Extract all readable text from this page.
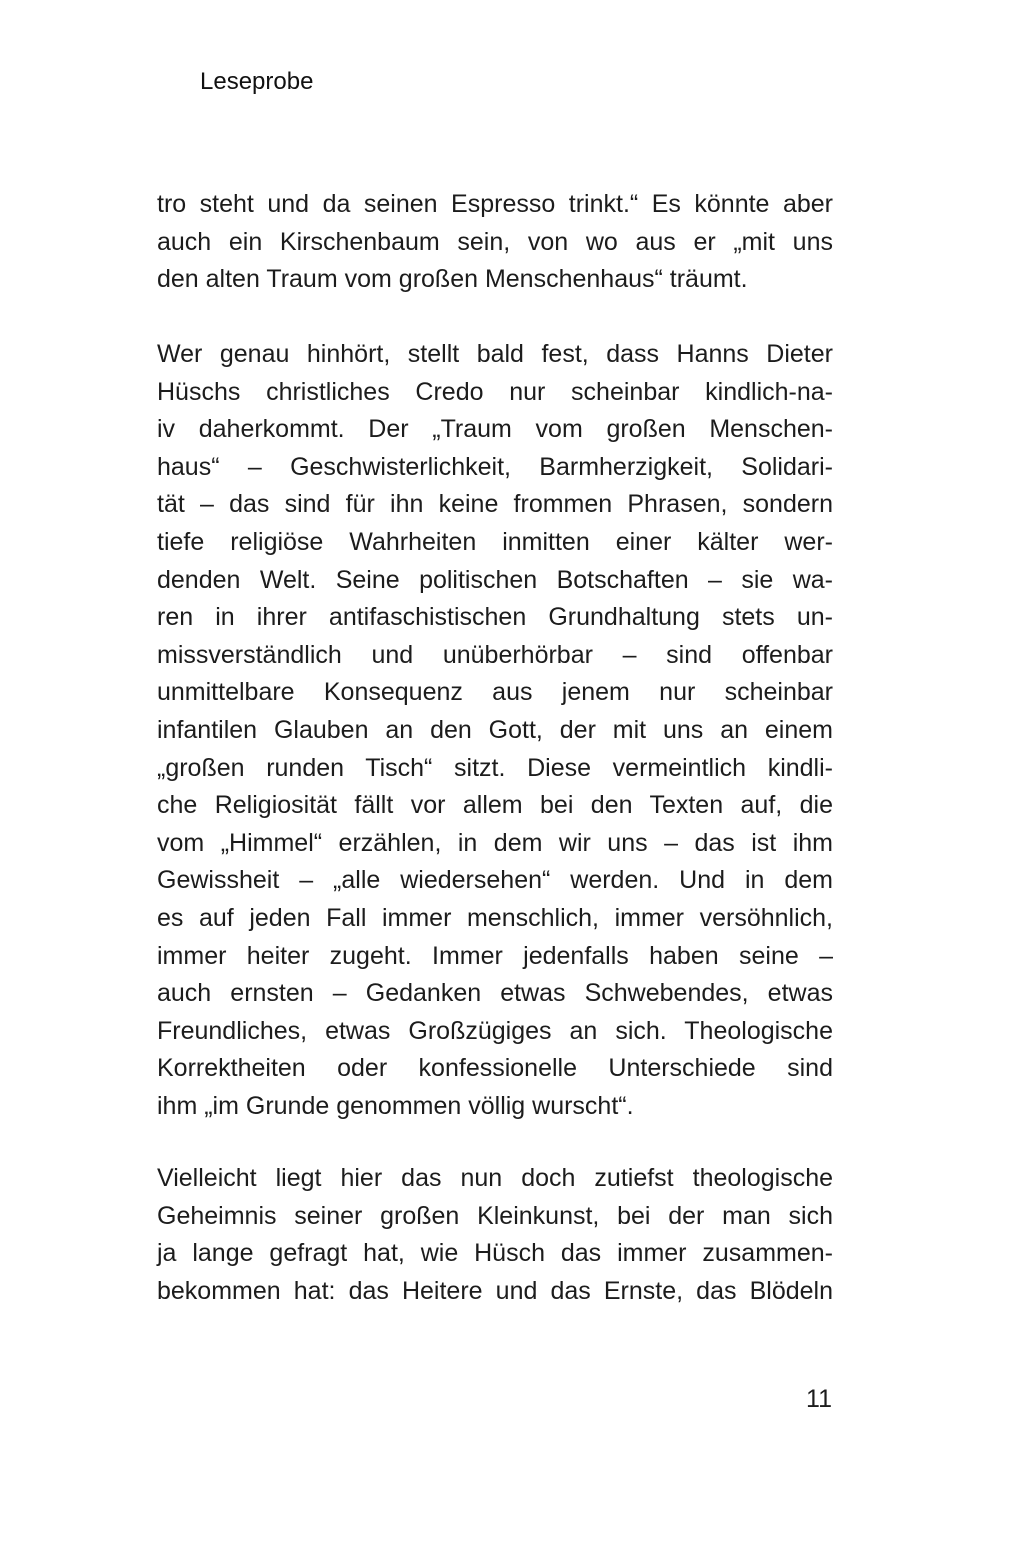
Leseprobe
tro steht und da seinen Espresso trinkt.“ Es könnte aber
auch ein Kirschenbaum sein, von wo aus er „mit uns
den alten Traum vom großen Menschenhaus“ träumt.
Wer genau hinhört, stellt bald fest, dass Hanns Dieter
Hüschs christliches Credo nur scheinbar kindlich-na-
iv daherkommt. Der „Traum vom großen Menschen-
haus“ – Geschwisterlichkeit, Barmherzigkeit, Solidari-
tät – das sind für ihn keine frommen Phrasen, sondern
tiefe religiöse Wahrheiten inmitten einer kälter wer-
denden Welt. Seine politischen Botschaften – sie wa-
ren in ihrer antifaschistischen Grundhaltung stets un-
missverständlich und unüberhörbar – sind offenbar
unmittelbare Konsequenz aus jenem nur scheinbar
infantilen Glauben an den Gott, der mit uns an einem
„großen runden Tisch“ sitzt. Diese vermeintlich kindli-
che Religiosität fällt vor allem bei den Texten auf, die
vom „Himmel“ erzählen, in dem wir uns – das ist ihm
Gewissheit – „alle wiedersehen“ werden. Und in dem
es auf jeden Fall immer menschlich, immer versöhnlich,
immer heiter zugeht. Immer jedenfalls haben seine –
auch ernsten – Gedanken etwas Schwebendes, etwas
Freundliches, etwas Großzügiges an sich. Theologische
Korrektheiten oder konfessionelle Unterschiede sind
ihm „im Grunde genommen völlig wurscht“.
Vielleicht liegt hier das nun doch zutiefst theologische
Geheimnis seiner großen Kleinkunst, bei der man sich
ja lange gefragt hat, wie Hüsch das immer zusammen-
bekommen hat: das Heitere und das Ernste, das Blödeln
11
